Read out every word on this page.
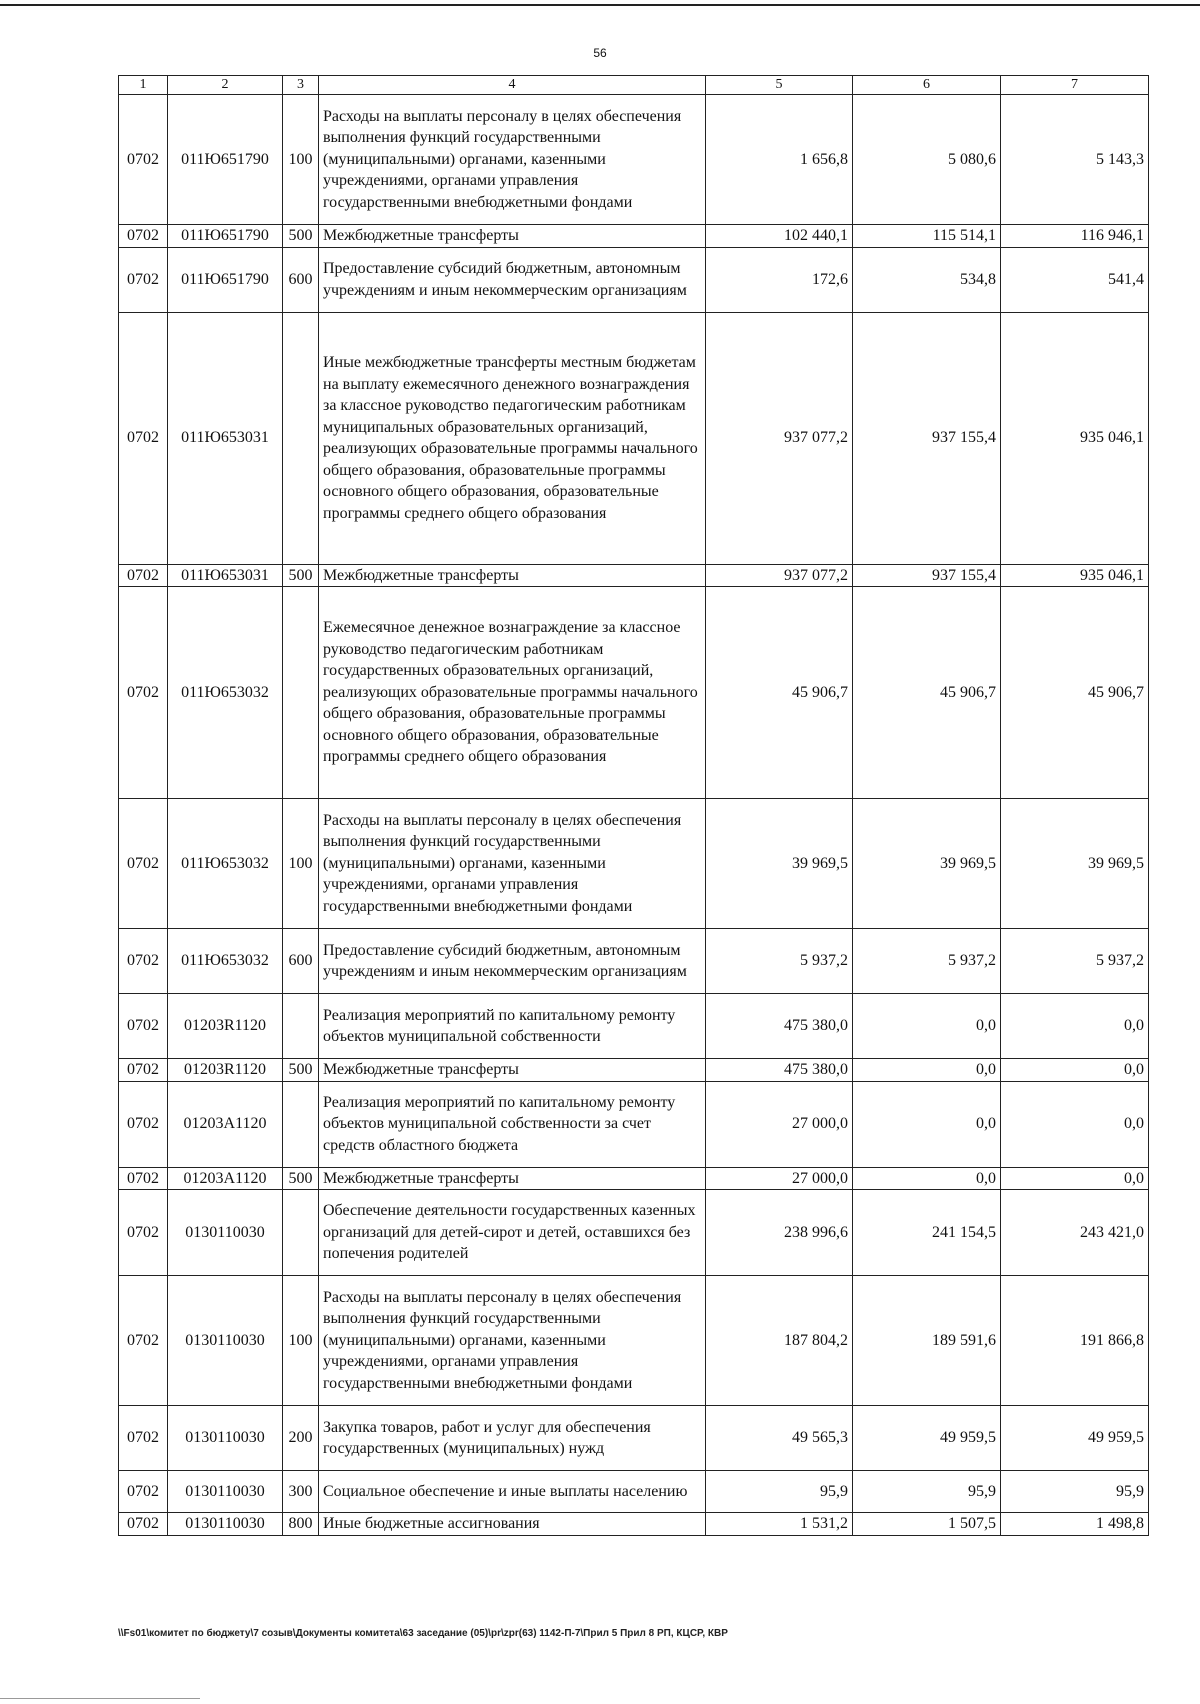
56
1	2	3	4	5	6	7
0702	011Ю651790	100	Расходы на выплаты персоналу в целях обеспечения выполнения функций государственными (муниципальными) органами, казенными учреждениями, органами управления государственными внебюджетными фондами	1 656,8	5 080,6	5 143,3
0702	011Ю651790	500	Межбюджетные трансферты	102 440,1	115 514,1	116 946,1
0702	011Ю651790	600	Предоставление субсидий бюджетным, автономным учреждениям и иным некоммерческим организациям	172,6	534,8	541,4
0702	011Ю653031		Иные межбюджетные трансферты местным бюджетам на выплату ежемесячного денежного вознаграждения за классное руководство педагогическим работникам муниципальных образовательных организаций, реализующих образовательные программы начального общего образования, образовательные программы основного общего образования, образовательные программы среднего общего образования	937 077,2	937 155,4	935 046,1
0702	011Ю653031	500	Межбюджетные трансферты	937 077,2	937 155,4	935 046,1
0702	011Ю653032		Ежемесячное денежное вознаграждение за классное руководство педагогическим работникам государственных образовательных организаций, реализующих образовательные программы начального общего образования, образовательные программы основного общего образования, образовательные программы среднего общего образования	45 906,7	45 906,7	45 906,7
0702	011Ю653032	100	Расходы на выплаты персоналу в целях обеспечения выполнения функций государственными (муниципальными) органами, казенными учреждениями, органами управления государственными внебюджетными фондами	39 969,5	39 969,5	39 969,5
0702	011Ю653032	600	Предоставление субсидий бюджетным, автономным учреждениям и иным некоммерческим организациям	5 937,2	5 937,2	5 937,2
0702	01203R1120		Реализация мероприятий по капитальному ремонту объектов муниципальной собственности	475 380,0	0,0	0,0
0702	01203R1120	500	Межбюджетные трансферты	475 380,0	0,0	0,0
0702	01203A1120		Реализация мероприятий по капитальному ремонту объектов муниципальной собственности за счет средств областного бюджета	27 000,0	0,0	0,0
0702	01203A1120	500	Межбюджетные трансферты	27 000,0	0,0	0,0
0702	0130110030		Обеспечение деятельности государственных казенных организаций для детей-сирот и детей, оставшихся без попечения родителей	238 996,6	241 154,5	243 421,0
0702	0130110030	100	Расходы на выплаты персоналу в целях обеспечения выполнения функций государственными (муниципальными) органами, казенными учреждениями, органами управления государственными внебюджетными фондами	187 804,2	189 591,6	191 866,8
0702	0130110030	200	Закупка товаров, работ и услуг для обеспечения государственных (муниципальных) нужд	49 565,3	49 959,5	49 959,5
0702	0130110030	300	Социальное обеспечение и иные выплаты населению	95,9	95,9	95,9
0702	0130110030	800	Иные бюджетные ассигнования	1 531,2	1 507,5	1 498,8
\\Fs01\комитет по бюджету\7 созыв\Документы комитета\63 заседание (05)\pr\zpr(63) 1142-П-7\Прил 5 Прил 8 РП, КЦСР, КВР
